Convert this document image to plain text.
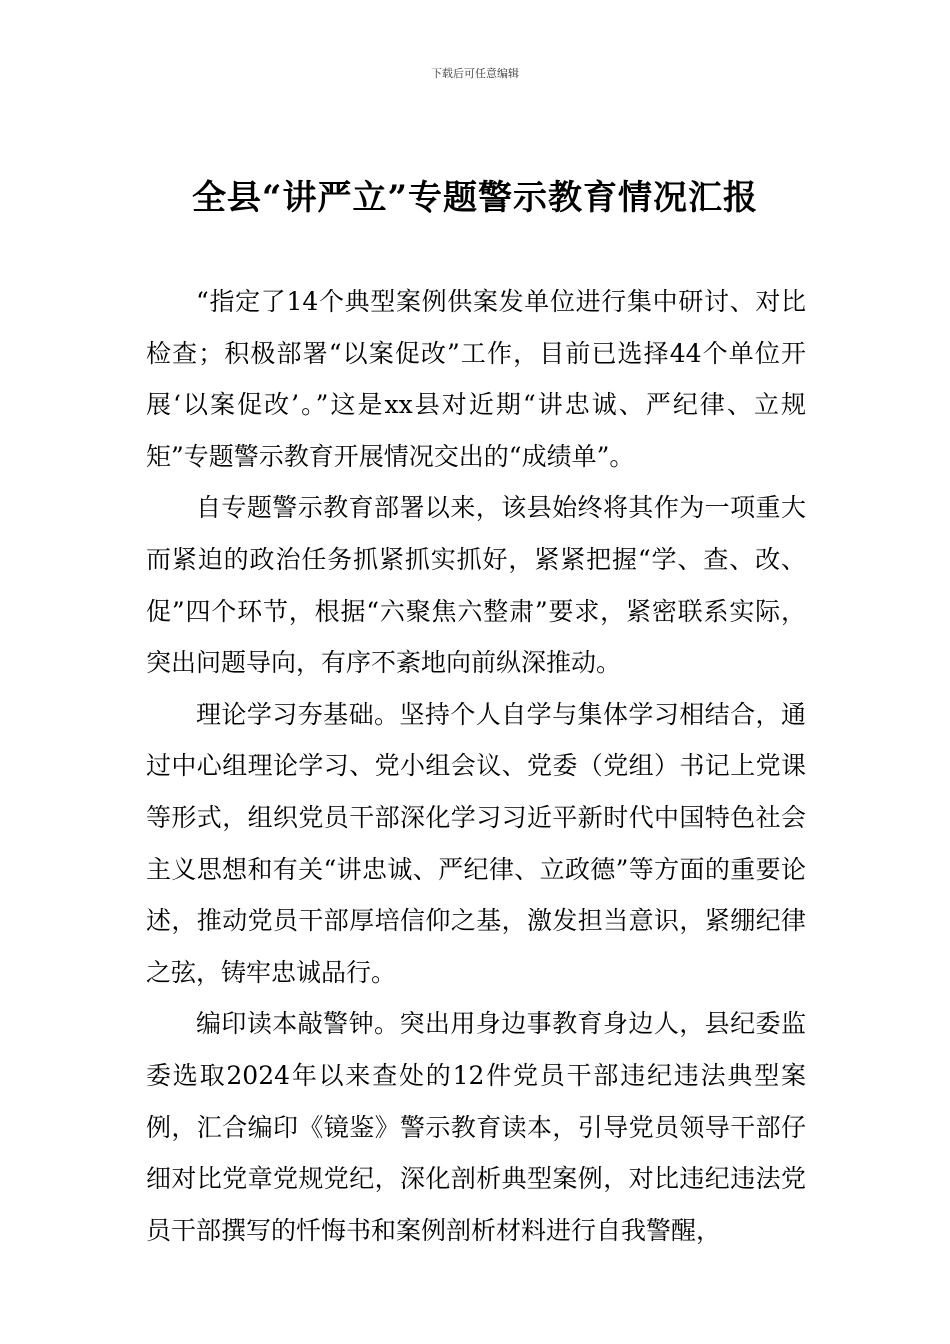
下载后可任意编辑
全县“讲严立”专题警示教育情况汇报

“指定了14个典型案例供案发单位进行集中研讨、对比检查；积极部署“以案促改”工作，目前已选择44个单位开展‘以案促改’。”这是xx县对近期“讲忠诚、严纪律、立规矩”专题警示教育开展情况交出的“成绩单”。

自专题警示教育部署以来，该县始终将其作为一项重大而紧迫的政治任务抓紧抓实抓好，紧紧把握“学、查、改、促”四个环节，根据“六聚焦六整肃”要求，紧密联系实际，突出问题导向，有序不紊地向前纵深推动。

理论学习夯基础。坚持个人自学与集体学习相结合，通过中心组理论学习、党小组会议、党委（党组）书记上党课等形式，组织党员干部深化学习习近平新时代中国特色社会主义思想和有关“讲忠诚、严纪律、立政德”等方面的重要论述，推动党员干部厚培信仰之基，激发担当意识，紧绷纪律之弦，铸牢忠诚品行。

编印读本敲警钟。突出用身边事教育身边人，县纪委监委选取2024年以来查处的12件党员干部违纪违法典型案例，汇合编印《镜鉴》警示教育读本，引导党员领导干部仔细对比党章党规党纪，深化剖析典型案例，对比违纪违法党员干部撰写的忏悔书和案例剖析材料进行自我警醒，
